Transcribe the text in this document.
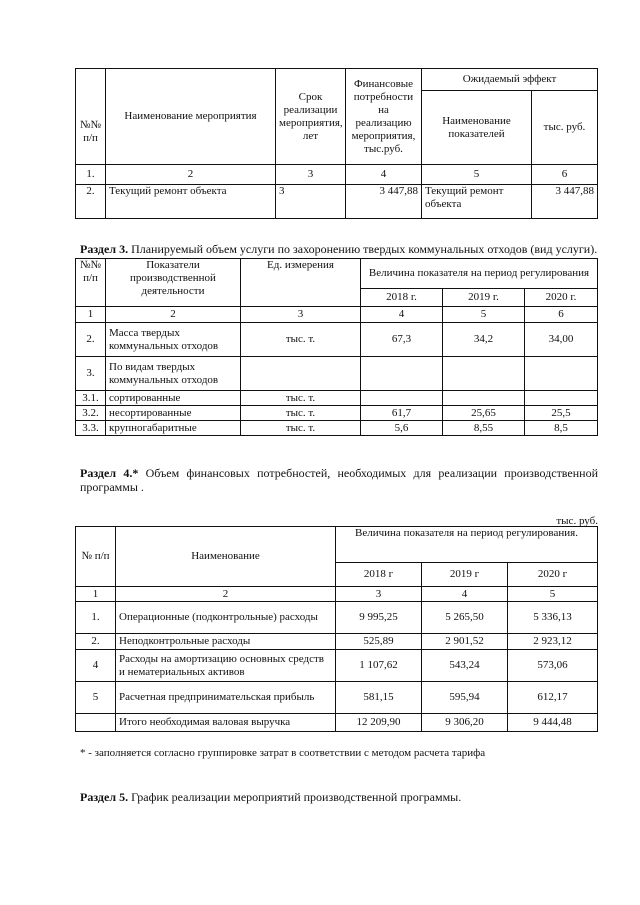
№№ п/п	Наименование мероприятия	Срок реализации мероприятия, лет	Финансовые потребности на реализацию мероприятия, тыс.руб.	Ожидаемый эффект	
				Наименование показателей	тыс. руб.
1.	2	3	4	5	6
2.	Текущий ремонт объекта	3	3 447,88	Текущий ремонт объекта	3 447,88
Раздел 3. Планируемый объем услуги по захоронению твердых коммунальных отходов (вид услуги).
№№ п/п	Показатели производственной деятельности	Ед. измерения	Величина показателя на период регулирования		
			2018 г.	2019 г.	2020 г.
1	2	3	4	5	6
2.	Масса твердых коммунальных отходов	тыс. т.	67,3	34,2	34,00
3.	По видам твердых коммунальных отходов				
3.1.	сортированные	тыс. т.			
3.2.	несортированные	тыс. т.	61,7	25,65	25,5
3.3.	крупногабаритные	тыс. т.	5,6	8,55	8,5
Раздел 4.* Объем финансовых потребностей, необходимых для реализации производственной программы .
тыс. руб.
№ п/п	Наименование	Величина показателя на период регулирования.		
		2018 г	2019 г	2020 г
1	2	3	4	5
1.	Операционные (подконтрольные) расходы	9 995,25	5 265,50	5 336,13
2.	Неподконтрольные расходы	525,89	2 901,52	2 923,12
4	Расходы на амортизацию основных средств и нематериальных активов	1 107,62	543,24	573,06
5	Расчетная предпринимательская прибыль	581,15	595,94	612,17
	Итого необходимая валовая выручка	12 209,90	9 306,20	9 444,48
* - заполняется согласно группировке затрат в соответствии с методом расчета тарифа
Раздел 5. График реализации мероприятий производственной программы.
